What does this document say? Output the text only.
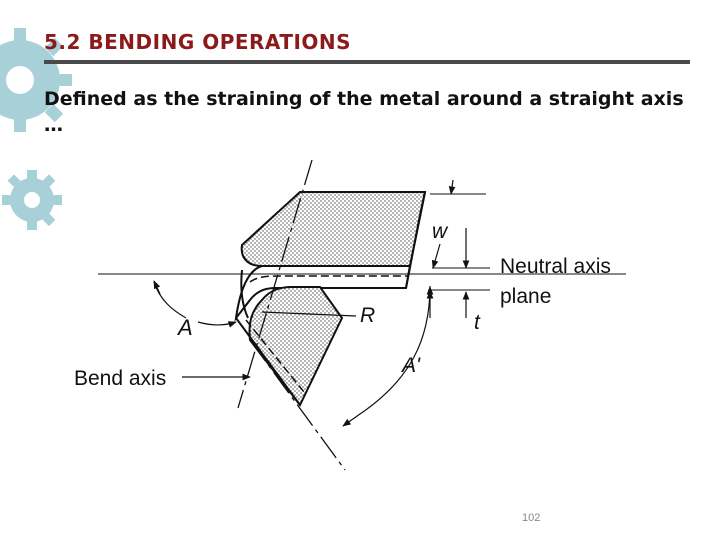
5.2 BENDING OPERATIONS

Defined as the straining of the metal around a straight axis …

w
Neutral axis
plane
R	t
A
A'
Bend axis
102
